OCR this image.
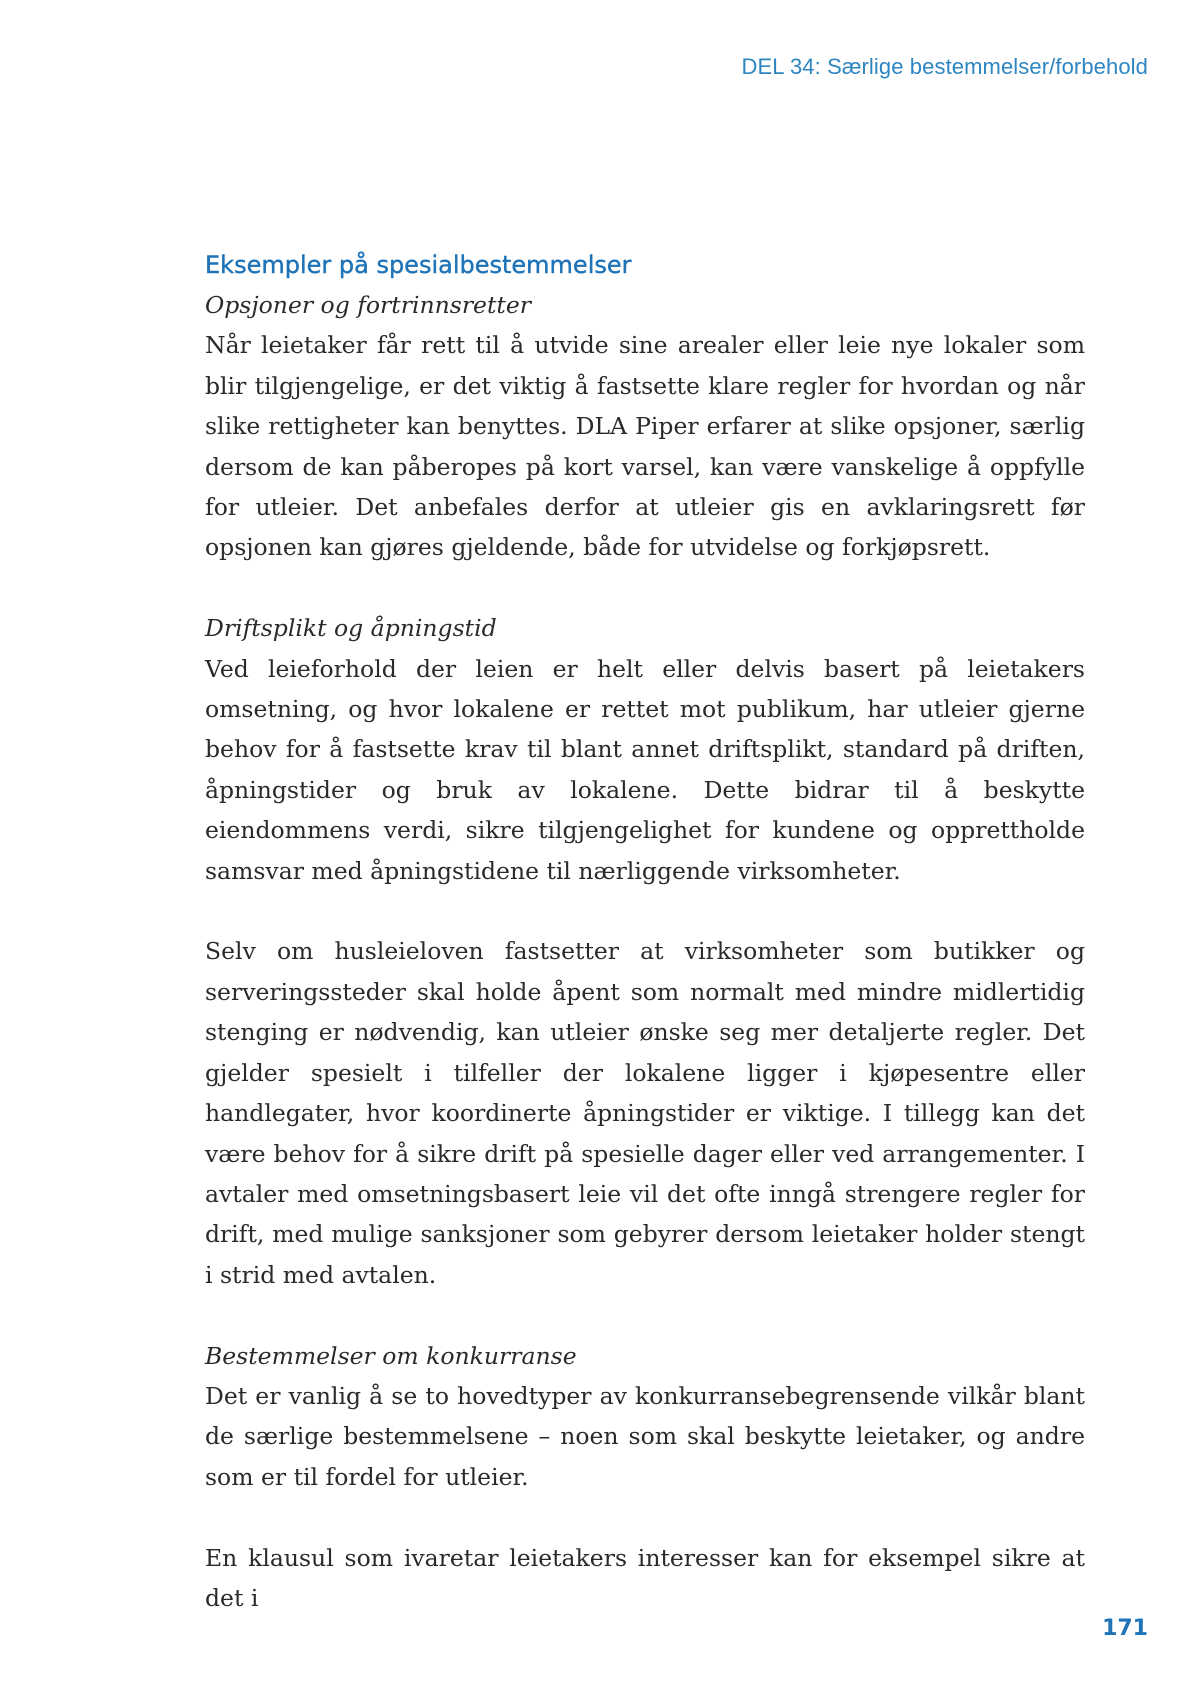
DEL 34: Særlige bestemmelser/forbehold
Eksempler på spesialbestemmelser

Opsjoner og fortrinnsretter

Når leietaker får rett til å utvide sine arealer eller leie nye lokaler som blir tilgjengelige, er det viktig å fastsette klare regler for hvordan og når slike rettigheter kan benyttes. DLA Piper erfarer at slike opsjoner, særlig dersom de kan påberopes på kort varsel, kan være vanskelige å oppfylle for utleier. Det anbefales derfor at utleier gis en avklaringsrett før opsjonen kan gjøres gjeldende, både for utvidelse og forkjøpsrett.

Driftsplikt og åpningstid

Ved leieforhold der leien er helt eller delvis basert på leietakers omsetning, og hvor lokalene er rettet mot publikum, har utleier gjerne behov for å fastsette krav til blant annet driftsplikt, standard på driften, åpningstider og bruk av lokalene. Dette bidrar til å beskytte eiendommens verdi, sikre tilgjengelighet for kundene og opprettholde samsvar med åpningstidene til nærliggende virksomheter.

Selv om husleieloven fastsetter at virksomheter som butikker og serveringssteder skal holde åpent som normalt med mindre midlertidig stenging er nødvendig, kan utleier ønske seg mer detaljerte regler. Det gjelder spesielt i tilfeller der lokalene ligger i kjøpesentre eller handlegater, hvor koordinerte åpningstider er viktige. I tillegg kan det være behov for å sikre drift på spesielle dager eller ved arrangementer. I avtaler med omsetningsbasert leie vil det ofte inngå strengere regler for drift, med mulige sanksjoner som gebyrer dersom leietaker holder stengt i strid med avtalen.

Bestemmelser om konkurranse

Det er vanlig å se to hovedtyper av konkurransebegrensende vilkår blant de særlige bestemmelsene – noen som skal beskytte leietaker, og andre som er til fordel for utleier.

En klausul som ivaretar leietakers interesser kan for eksempel sikre at det i

171
